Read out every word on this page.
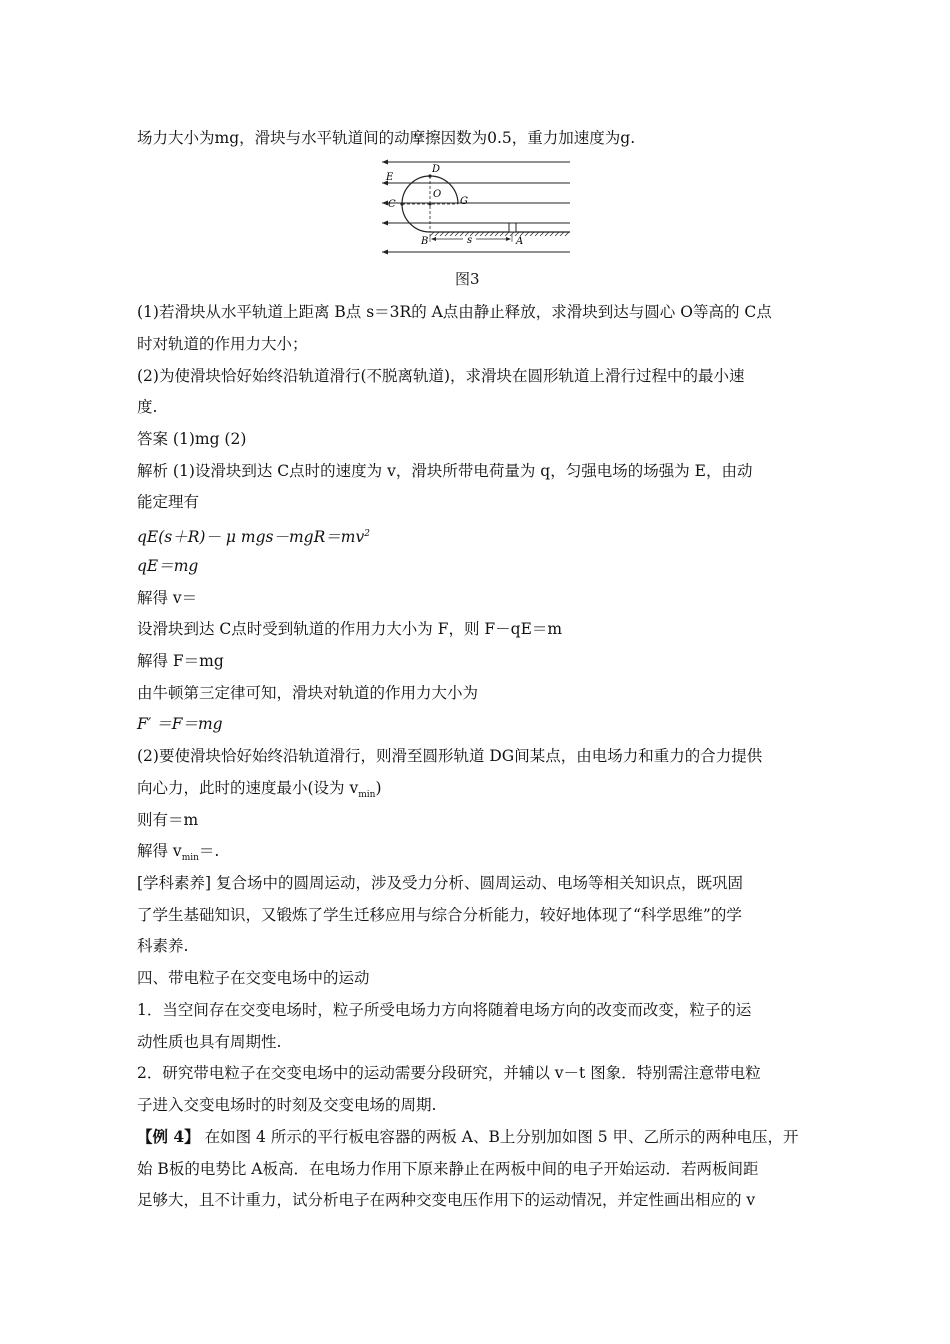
场力大小为mg，滑块与水平轨道间的动摩擦因数为0.5，重力加速度为g.
D
E
O
C	G
B	s	A
图3
(1)若滑块从水平轨道上距离 B点 s＝3R的 A点由静止释放，求滑块到达与圆心 O等高的 C点
时对轨道的作用力大小；
(2)为使滑块恰好始终沿轨道滑行(不脱离轨道)，求滑块在圆形轨道上滑行过程中的最小速
度.
答案 (1)mg (2)
解析 (1)设滑块到达 C点时的速度为 v，滑块所带电荷量为 q，匀强电场的场强为 E，由动
能定理有
qE(s＋R)－ μ $mgs-mgR=mv^2$
qE＝mg
解得 v＝
设滑块到达 C点时受到轨道的作用力大小为 F，则 F－qE＝m
解得 F＝mg
由牛顿第三定律可知，滑块对轨道的作用力大小为
F′ ＝F＝mg
(2)要使滑块恰好始终沿轨道滑行，则滑至圆形轨道 DG间某点，由电场力和重力的合力提供
向心力，此时的速度最小(设为 $v_{min}$)
则有＝m
解得 $v_{min}=$.
[学科素养] 复合场中的圆周运动，涉及受力分析、圆周运动、电场等相关知识点，既巩固
了学生基础知识，又锻炼了学生迁移应用与综合分析能力，较好地体现了“科学思维”的学
科素养.
四、带电粒子在交变电场中的运动
1．当空间存在交变电场时，粒子所受电场力方向将随着电场方向的改变而改变，粒子的运
动性质也具有周期性.
2．研究带电粒子在交变电场中的运动需要分段研究，并辅以 v－t 图象．特别需注意带电粒
子进入交变电场时的时刻及交变电场的周期.
【例 4】 在如图 4 所示的平行板电容器的两板 A、B上分别加如图 5 甲、乙所示的两种电压，开
始 B板的电势比 A板高．在电场力作用下原来静止在两板中间的电子开始运动．若两板间距
足够大，且不计重力，试分析电子在两种交变电压作用下的运动情况，并定性画出相应的 v
